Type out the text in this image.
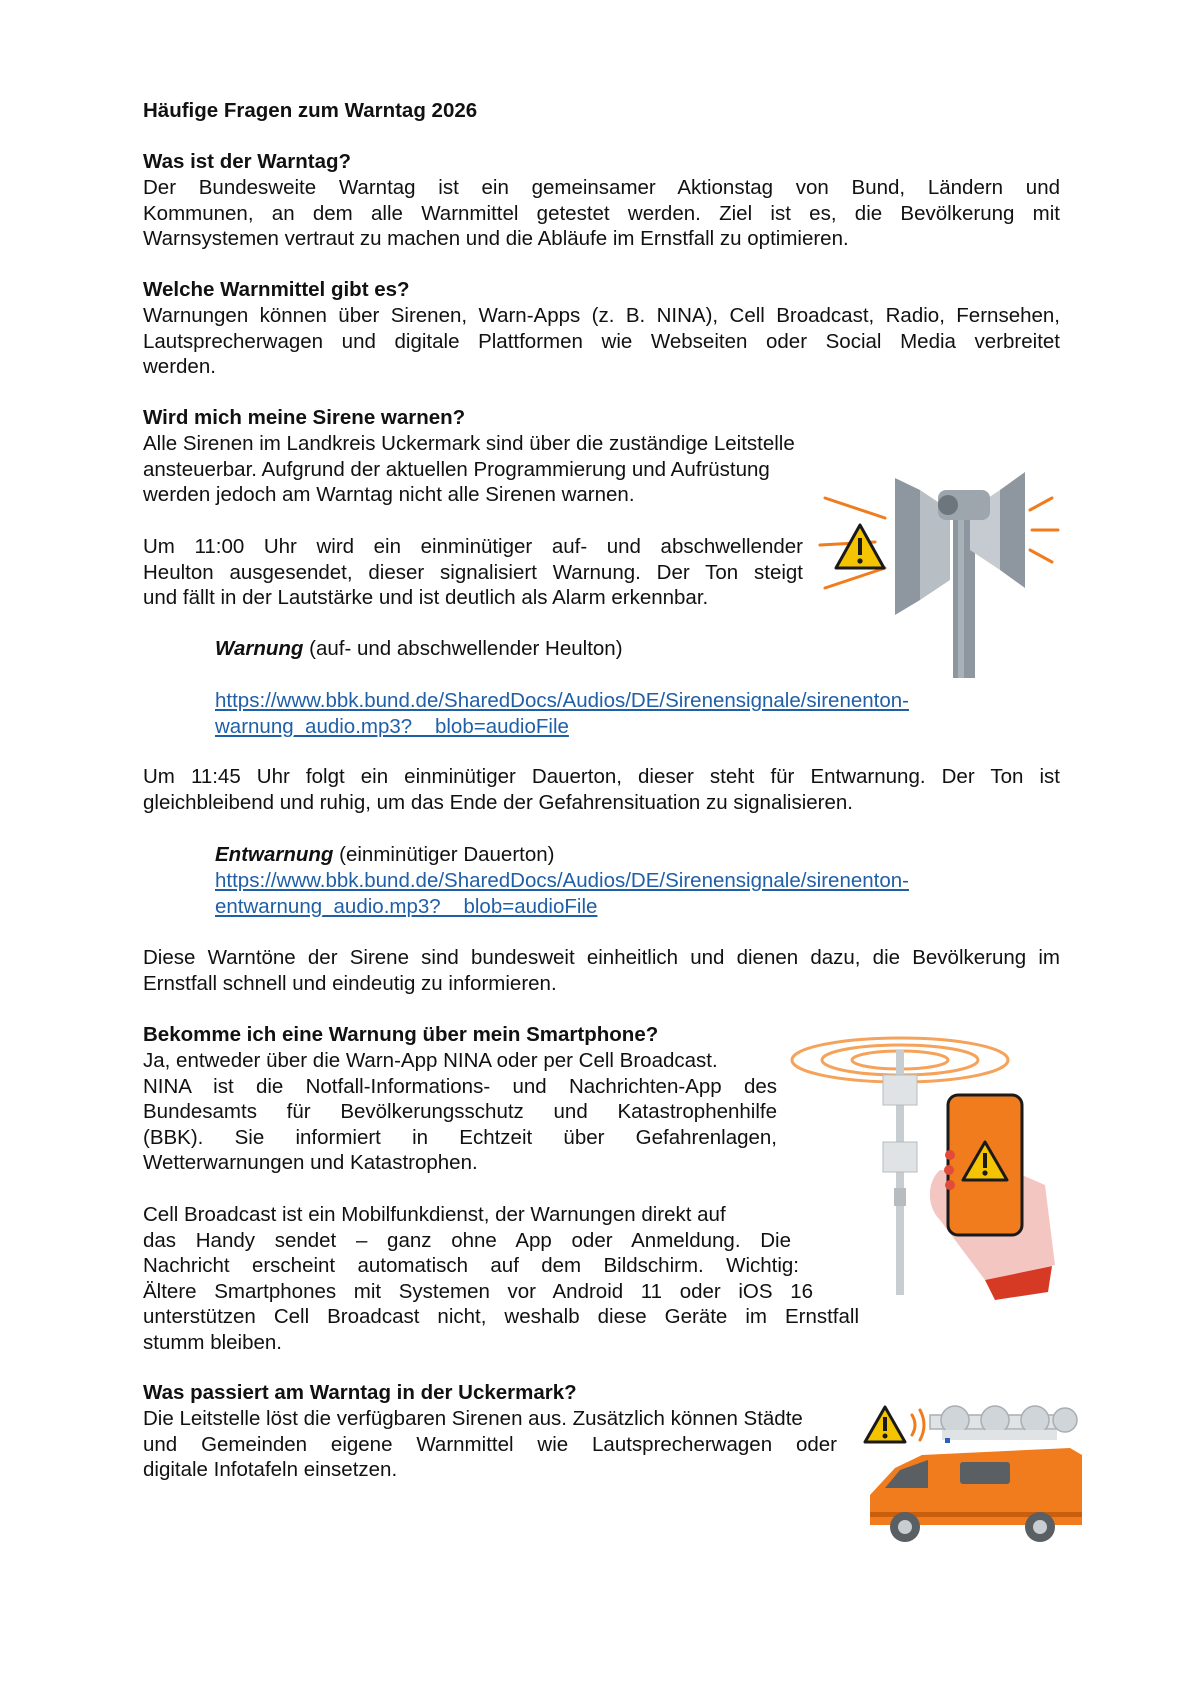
Häufige Fragen zum Warntag 2026

Was ist der Warntag?

Der Bundesweite Warntag ist ein gemeinsamer Aktionstag von Bund, Ländern und
Kommunen, an dem alle Warnmittel getestet werden. Ziel ist es, die Bevölkerung mit
Warnsystemen vertraut zu machen und die Abläufe im Ernstfall zu optimieren.

Welche Warnmittel gibt es?

Warnungen können über Sirenen, Warn-Apps (z. B. NINA), Cell Broadcast, Radio, Fernsehen,
Lautsprecherwagen und digitale Plattformen wie Webseiten oder Social Media verbreitet
werden.

Wird mich meine Sirene warnen?

Alle Sirenen im Landkreis Uckermark sind über die zuständige Leitstelle
ansteuerbar. Aufgrund der aktuellen Programmierung und Aufrüstung
werden jedoch am Warntag nicht alle Sirenen warnen.
Um 11:00 Uhr wird ein einminütiger auf- und abschwellender
Heulton ausgesendet, dieser signalisiert Warnung. Der Ton steigt
und fällt in der Lautstärke und ist deutlich als Alarm erkennbar.
Warnung (auf- und abschwellender Heulton)
https://www.bbk.bund.de/SharedDocs/Audios/DE/Sirenensignale/sirenenton-
warnung_audio.mp3?__blob=audioFile
Um 11:45 Uhr folgt ein einminütiger Dauerton, dieser steht für Entwarnung. Der Ton ist
gleichbleibend und ruhig, um das Ende der Gefahrensituation zu signalisieren.
Entwarnung (einminütiger Dauerton)
https://www.bbk.bund.de/SharedDocs/Audios/DE/Sirenensignale/sirenenton-
entwarnung_audio.mp3?__blob=audioFile
Diese Warntöne der Sirene sind bundesweit einheitlich und dienen dazu, die Bevölkerung im
Ernstfall schnell und eindeutig zu informieren.

Bekomme ich eine Warnung über mein Smartphone?

Ja, entweder über die Warn-App NINA oder per Cell Broadcast.
NINA ist die Notfall-Informations- und Nachrichten-App des
Bundesamts für Bevölkerungsschutz und Katastrophenhilfe
(BBK). Sie informiert in Echtzeit über Gefahrenlagen,
Wetterwarnungen und Katastrophen.
Cell Broadcast ist ein Mobilfunkdienst, der Warnungen direkt auf
das Handy sendet – ganz ohne App oder Anmeldung. Die
Nachricht erscheint automatisch auf dem Bildschirm. Wichtig:
Ältere Smartphones mit Systemen vor Android 11 oder iOS 16
unterstützen Cell Broadcast nicht, weshalb diese Geräte im Ernstfall
stumm bleiben.

Was passiert am Warntag in der Uckermark?

Die Leitstelle löst die verfügbaren Sirenen aus. Zusätzlich können Städte
und Gemeinden eigene Warnmittel wie Lautsprecherwagen oder
digitale Infotafeln einsetzen.
